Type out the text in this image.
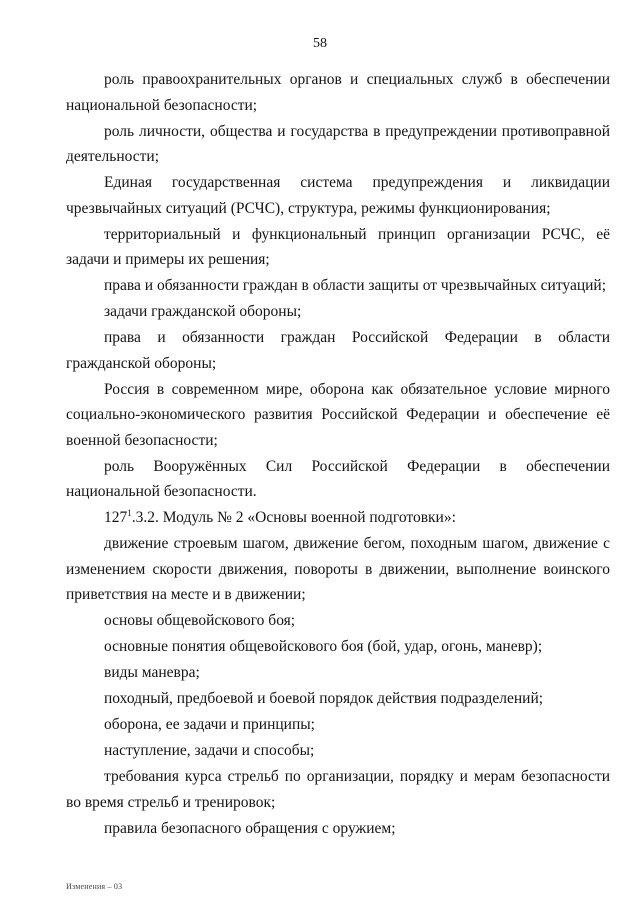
58

роль правоохранительных органов и специальных служб в обеспечении национальной безопасности;

роль личности, общества и государства в предупреждении противоправной деятельности;

Единая государственная система предупреждения и ликвидации чрезвычайных ситуаций (РСЧС), структура, режимы функционирования;

территориальный и функциональный принцип организации РСЧС, её задачи и примеры их решения;

права и обязанности граждан в области защиты от чрезвычайных ситуаций;

задачи гражданской обороны;

права и обязанности граждан Российской Федерации в области гражданской обороны;

Россия в современном мире, оборона как обязательное условие мирного социально-экономического развития Российской Федерации и обеспечение её военной безопасности;

роль Вооружённых Сил Российской Федерации в обеспечении национальной безопасности.

$127^1.3.2$. Модуль № 2 «Основы военной подготовки»:

движение строевым шагом, движение бегом, походным шагом, движение с изменением скорости движения, повороты в движении, выполнение воинского приветствия на месте и в движении;

основы общевойскового боя;

основные понятия общевойскового боя (бой, удар, огонь, маневр);

виды маневра;

походный, предбоевой и боевой порядок действия подразделений;

оборона, ее задачи и принципы;

наступление, задачи и способы;

требования курса стрельб по организации, порядку и мерам безопасности во время стрельб и тренировок;

правила безопасного обращения с оружием;

Изменения – 03
